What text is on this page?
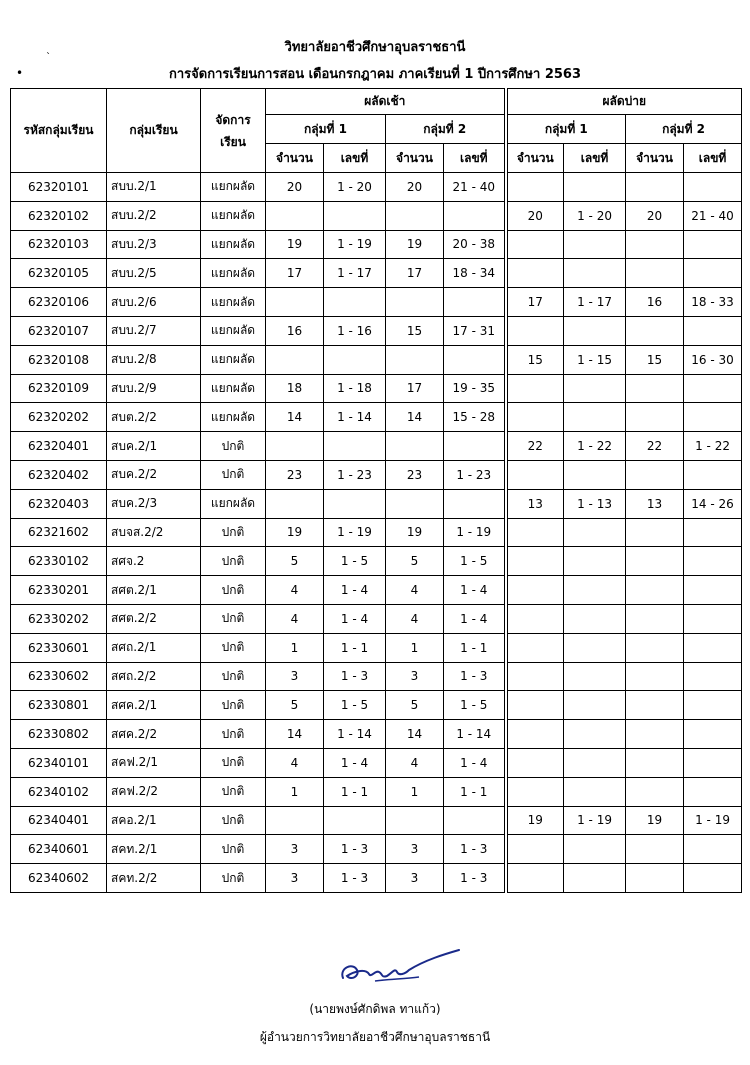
วิทยาลัยอาชีวศึกษาอุบลราชธานี
•
`
การจัดการเรียนการสอน เดือนกรกฎาคม ภาคเรียนที่ 1 ปีการศึกษา 2563
รหัสกลุ่มเรียน	กลุ่มเรียน	จัดการ เรียน	ผลัดเช้า				ผลัดบ่าย			
			กลุ่มที่ 1		กลุ่มที่ 2		กลุ่มที่ 1		กลุ่มที่ 2	
			จำนวน	เลขที่	จำนวน	เลขที่	จำนวน	เลขที่	จำนวน	เลขที่
62320101	สบบ.2/1	แยกผลัด	20	1 - 20	20	21 - 40				
62320102	สบบ.2/2	แยกผลัด					20	1 - 20	20	21 - 40
62320103	สบบ.2/3	แยกผลัด	19	1 - 19	19	20 - 38				
62320105	สบบ.2/5	แยกผลัด	17	1 - 17	17	18 - 34				
62320106	สบบ.2/6	แยกผลัด					17	1 - 17	16	18 - 33
62320107	สบบ.2/7	แยกผลัด	16	1 - 16	15	17 - 31				
62320108	สบบ.2/8	แยกผลัด					15	1 - 15	15	16 - 30
62320109	สบบ.2/9	แยกผลัด	18	1 - 18	17	19 - 35				
62320202	สบต.2/2	แยกผลัด	14	1 - 14	14	15 - 28				
62320401	สบค.2/1	ปกติ					22	1 - 22	22	1 - 22
62320402	สบค.2/2	ปกติ	23	1 - 23	23	1 - 23				
62320403	สบค.2/3	แยกผลัด					13	1 - 13	13	14 - 26
62321602	สบจส.2/2	ปกติ	19	1 - 19	19	1 - 19				
62330102	สศจ.2	ปกติ	5	1 - 5	5	1 - 5				
62330201	สศต.2/1	ปกติ	4	1 - 4	4	1 - 4				
62330202	สศต.2/2	ปกติ	4	1 - 4	4	1 - 4				
62330601	สศถ.2/1	ปกติ	1	1 - 1	1	1 - 1				
62330602	สศถ.2/2	ปกติ	3	1 - 3	3	1 - 3				
62330801	สศค.2/1	ปกติ	5	1 - 5	5	1 - 5				
62330802	สศค.2/2	ปกติ	14	1 - 14	14	1 - 14				
62340101	สคฟ.2/1	ปกติ	4	1 - 4	4	1 - 4				
62340102	สคฟ.2/2	ปกติ	1	1 - 1	1	1 - 1				
62340401	สคอ.2/1	ปกติ					19	1 - 19	19	1 - 19
62340601	สคท.2/1	ปกติ	3	1 - 3	3	1 - 3				
62340602	สคท.2/2	ปกติ	3	1 - 3	3	1 - 3				
(นายพงษ์ศักดิพล ทาแก้ว)
ผู้อำนวยการวิทยาลัยอาชีวศึกษาอุบลราชธานี
